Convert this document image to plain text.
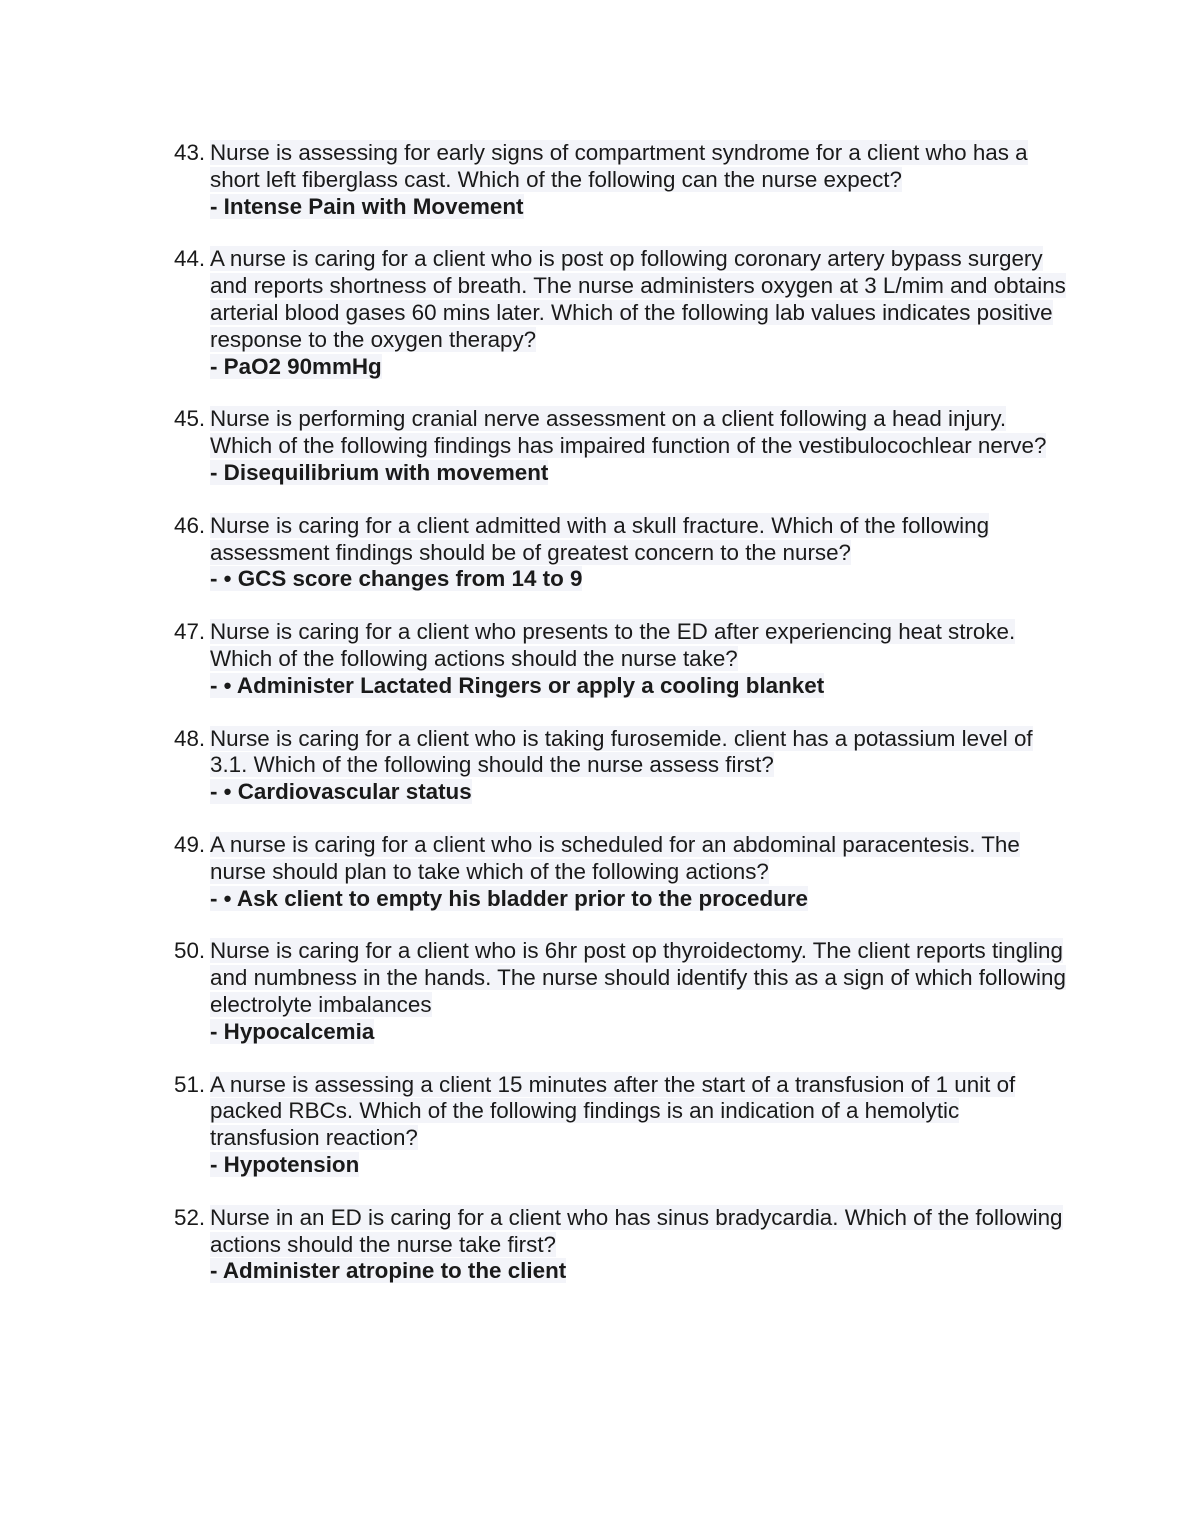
43. Nurse is assessing for early signs of compartment syndrome for a client who has a short left fiberglass cast. Which of the following can the nurse expect?
- Intense Pain with Movement
44. A nurse is caring for a client who is post op following coronary artery bypass surgery and reports shortness of breath. The nurse administers oxygen at 3 L/mim and obtains arterial blood gases 60 mins later. Which of the following lab values indicates positive response to the oxygen therapy?
- PaO2 90mmHg
45. Nurse is performing cranial nerve assessment on a client following a head injury. Which of the following findings has impaired function of the vestibulocochlear nerve?
- Disequilibrium with movement
46. Nurse is caring for a client admitted with a skull fracture. Which of the following assessment findings should be of greatest concern to the nurse?
- • GCS score changes from 14 to 9
47. Nurse is caring for a client who presents to the ED after experiencing heat stroke. Which of the following actions should the nurse take?
- • Administer Lactated Ringers or apply a cooling blanket
48. Nurse is caring for a client who is taking furosemide. client has a potassium level of 3.1. Which of the following should the nurse assess first?
- • Cardiovascular status
49. A nurse is caring for a client who is scheduled for an abdominal paracentesis. The nurse should plan to take which of the following actions?
- • Ask client to empty his bladder prior to the procedure
50. Nurse is caring for a client who is 6hr post op thyroidectomy. The client reports tingling and numbness in the hands. The nurse should identify this as a sign of which following electrolyte imbalances
- Hypocalcemia
51. A nurse is assessing a client 15 minutes after the start of a transfusion of 1 unit of packed RBCs. Which of the following findings is an indication of a hemolytic transfusion reaction?
- Hypotension
52. Nurse in an ED is caring for a client who has sinus bradycardia. Which of the following actions should the nurse take first?
- Administer atropine to the client
